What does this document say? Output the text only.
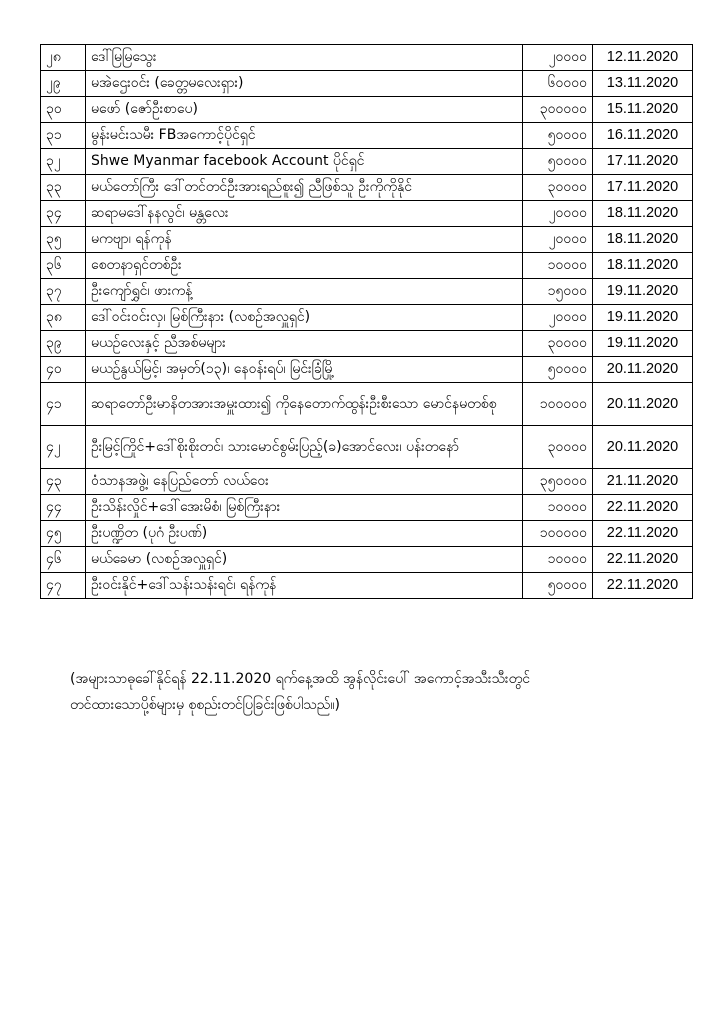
၂၈	ဒေါ်မြမြသွေး	၂၀၀၀၀	12.11.2020
၂၉	မအဲဌေးဝင်း (ခေတ္တမလေးရှား)	၆၀၀၀၀	13.11.2020
၃၀	မဖော် (ဇော်ဦးစာပေ)	၃၀၀၀၀၀	15.11.2020
၃၁	မွန်းမင်းသမီး FBအကောင့်ပိုင်ရှင်	၅၀၀၀၀	16.11.2020
၃၂	Shwe Myanmar facebook Account ပိုင်ရှင်	၅၀၀၀၀	17.11.2020
၃၃	မယ်တော်ကြီး ဒေါ်တင်တင်ဦးအားရည်စူး၍ ညီဖြစ်သူ ဦးကိုကိုနိုင်	၃၀၀၀၀	17.11.2020
၃၄	ဆရာမဒေါ်နနလွင်၊ မန္တလေး	၂၀၀၀၀	18.11.2020
၃၅	မကဗျာ၊ ရန်ကုန်	၂၀၀၀၀	18.11.2020
၃၆	စေတနာရှင်တစ်ဦး	၁၀၀၀၀	18.11.2020
၃၇	ဦးကျော်ရွှင်၊ ဖားကန့်	၁၅၀၀၀	19.11.2020
၃၈	ဒေါ်ဝင်းဝင်းလှ၊ မြစ်ကြီးနား (လစဉ်အလှူရှင်)	၂၀၀၀၀	19.11.2020
၃၉	မယဉ်လေးနှင့် ညီအစ်မများ	၃၀၀၀၀	19.11.2020
၄၀	မယဉ်နွယ်မြင့်၊ အမှတ်(၁၃)၊ နေဝန်းရပ်၊ မြင်းခြံမြို့	၅၀၀၀၀	20.11.2020
၄၁	ဆရာတော်ဦးမာနိတအားအမှူးထား၍ ကိုနေတောက်ထွန်းဦးစီးသော မောင်နမတစ်စု	၁၀၀၀၀၀	20.11.2020
၄၂	ဦးမြင့်ကြိုင်+ဒေါ်စိုးစိုးတင်၊ သားမောင်စွမ်းပြည့်(ခ)အောင်လေး၊ ပန်းတနော်	၃၀၀၀၀	20.11.2020
၄၃	ဝံသာနအဖွဲ့၊ နေပြည်တော် လယ်ဝေး	၃၅၀၀၀၀	21.11.2020
၄၄	ဦးသိန်းလှိုင်+ဒေါ်အေးမိစံ၊ မြစ်ကြီးနား	၁၀၀၀၀	22.11.2020
၄၅	ဦးပဏ္ဍိတ (ပုဂံ ဦးပဏ်)	၁၀၀၀၀၀	22.11.2020
၄၆	မယ်ခေမာ (လစဉ်အလှူရှင်)	၁၀၀၀၀	22.11.2020
၄၇	ဦးဝင်းနိုင်+ဒေါ်သန်းသန်းရင်၊ ရန်ကုန်	၅၀၀၀၀	22.11.2020

(အများသာဓုခေါ်နိုင်ရန် 22.11.2020 ရက်နေ့အထိ အွန်လိုင်းပေါ် အကောင့်အသီးသီးတွင်

တင်ထားသောပို့စ်များမှ စုစည်းတင်ပြခြင်းဖြစ်ပါသည်။)
